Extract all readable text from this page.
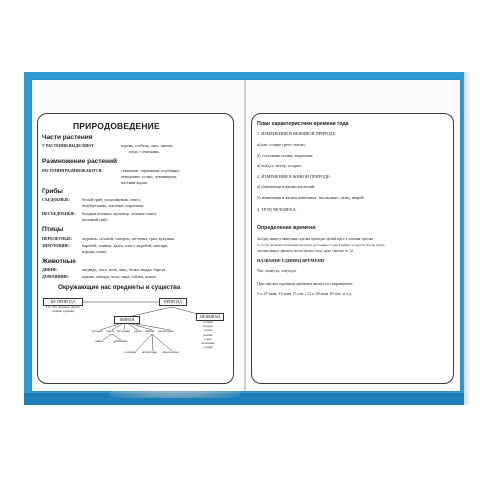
ПРИРОДОВЕДЕНИЕ
Части растения
У РАСТЕНИЯ ВЫДЕЛЯЮТ	корень, стебель, лист, цветок,
плод с семенами.
Размножение растений
РАСТЕНИЯ РАЗМНОЖАЮТСЯ	семенами, черенками, клубнями,
отводками, усами, луковицами,
частями корня.
Грибы
СЪЕДОБНЫЕ:	белый гриб, подосиновик, опята,
подберезовик, лисички, сыроежки.
НЕСЪЕДОБНЫЕ: бледная поганка, мухомор, ложные опята,
желчный гриб.
Птицы
ПЕРЕЛЕТНЫЕ: журавль, соловей, скворец, ласточка, грач, кукушка.
ЗИМУЮЩИЕ:	воробей, синица, дятел, клест, воробей, снегирь,
ворона, галка.
Животные
ДИКИЕ:	медведь, лиса, волк, заяц, белка, выдра, барсук.
ДОМАШНИЕ:	корова, лошадь, коза, овца, собака, кошка.
Окружающие нас предметы и существа
НЕ ПРИРОДА
(то, что человек сделал своими руками)
ПРИРОДА
ЖИВАЯ
НЕЖИВАЯ
человек звери растения рыбы птицы насекомые
дикие	домашние
оседлые кочующие перелетные
солнце
воздух
почва
камни
горы
водоемы
осадки
План характеристики времени года
1. ИЗМЕНЕНИЯ В НЕЖИВОЙ ПРИРОДЕ:
а) как солнце греет землю;
б) состояние почвы, водоемов;
в) воздух, ветер, осадки.
2. ИЗМЕНЕНИЯ В ЖИВОЙ ПРИРОДЕ:
а) изменения в жизни растений;
б) изменения в жизни животных: насекомых, птиц, зверей.
3. ТРУД ЧЕЛОВЕКА.
Определение времени
За одну минуту минутная стрелка проходит целый круг, а часовая стрелка
за тот же промежуток времени проходит расстояние от одной цифры до другой. Чтобы узнать,
сколько минут прошло после целого часа, надо считать от 12.
НАЗВАНИЕ ЕДИНИЦ ВРЕМЕНИ
Час, минута, секунда.
При числах единицы времени пишутся сокращённо:
5 ч 47 мин; 10 мин 15 сек.; 12 ч 30 мин 10 сек. и т.д.
